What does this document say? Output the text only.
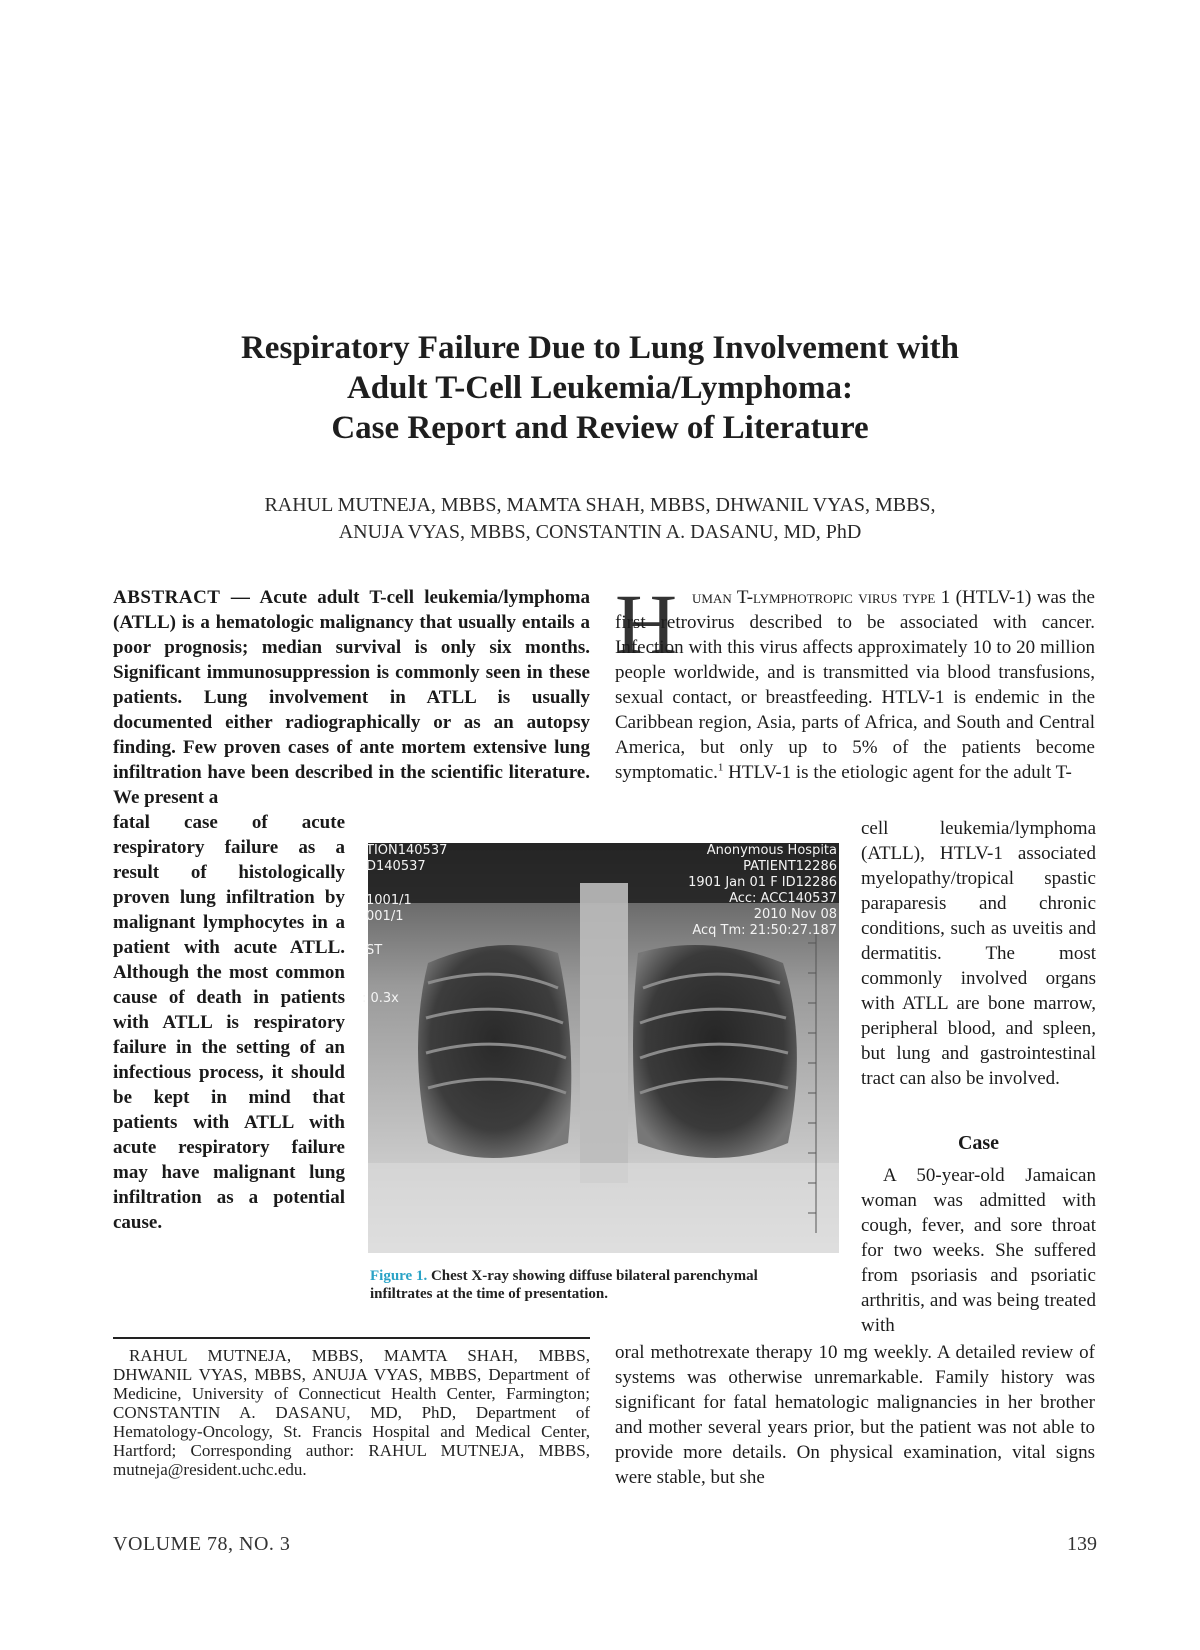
Respiratory Failure Due to Lung Involvement with
Adult T-Cell Leukemia/Lymphoma:
Case Report and Review of Literature
RAHUL MUTNEJA, MBBS, MAMTA SHAH, MBBS, DHWANIL VYAS, MBBS,
ANUJA VYAS, MBBS, CONSTANTIN A. DASANU, MD, PhD

ABSTRACT — Acute adult T-cell leukemia/lymphoma (ATLL) is a hematologic malignancy that usually entails a poor prognosis; median survival is only six months. Significant immunosuppression is commonly seen in these patients. Lung involvement in ATLL is usually documented either radiographically or as an autopsy finding. Few proven cases of ante mortem extensive lung infiltration have been described in the scientific literature. We present a

fatal case of acute respiratory failure as a result of histologically proven lung infiltration by malignant lymphocytes in a patient with acute ATLL. Although the most common cause of death in patients with ATLL is respiratory failure in the setting of an infectious process, it should be kept in mind that patients with ATLL with acute respiratory failure may have malignant lung infiltration as a potential cause.

TION140537
D140537
1001/1
001/1
ST
: 0.3x
Anonymous Hospita
PATIENT12286
1901 Jan 01 F ID12286
Acc: ACC140537
2010 Nov 08
Acq Tm: 21:50:27.187
Figure 1. Chest X-ray showing diffuse bilateral parenchymal infiltrates at the time of presentation.
RAHUL MUTNEJA, MBBS, MAMTA SHAH, MBBS, DHWANIL VYAS, MBBS, ANUJA VYAS, MBBS, Department of Medicine, University of Connecticut Health Center, Farmington; CONSTANTIN A. DASANU, MD, PhD, Department of Hematology-Oncology, St. Francis Hospital and Medical Center, Hartford; Corresponding author: RAHUL MUTNEJA, MBBS, mutneja@resident.uchc.edu.
H uman T-lymphotropic virus type 1 (HTLV-1) was the first retrovirus described to be associated with cancer. Infection with this virus affects approximately 10 to 20 million people worldwide, and is transmitted via blood transfusions, sexual contact, or breastfeeding. HTLV-1 is endemic in the Caribbean region, Asia, parts of Africa, and South and Central America, but only up to 5% of the patients become symptomatic.$^1$ HTLV-1 is the etiologic agent for the adult T-

cell leukemia/lymphoma (ATLL), HTLV-1 associated myelopathy/tropical spastic paraparesis and chronic conditions, such as uveitis and dermatitis. The most commonly involved organs with ATLL are bone marrow, peripheral blood, and spleen, but lung and gastrointestinal tract can also be involved.

Case

A 50-year-old Jamaican woman was admitted with cough, fever, and sore throat for two weeks. She suffered from psoriasis and psoriatic arthritis, and was being treated with

oral methotrexate therapy 10 mg weekly. A detailed review of systems was otherwise unremarkable. Family history was significant for fatal hematologic malignancies in her brother and mother several years prior, but the patient was not able to provide more details. On physical examination, vital signs were stable, but she

VOLUME 78, NO. 3	139
